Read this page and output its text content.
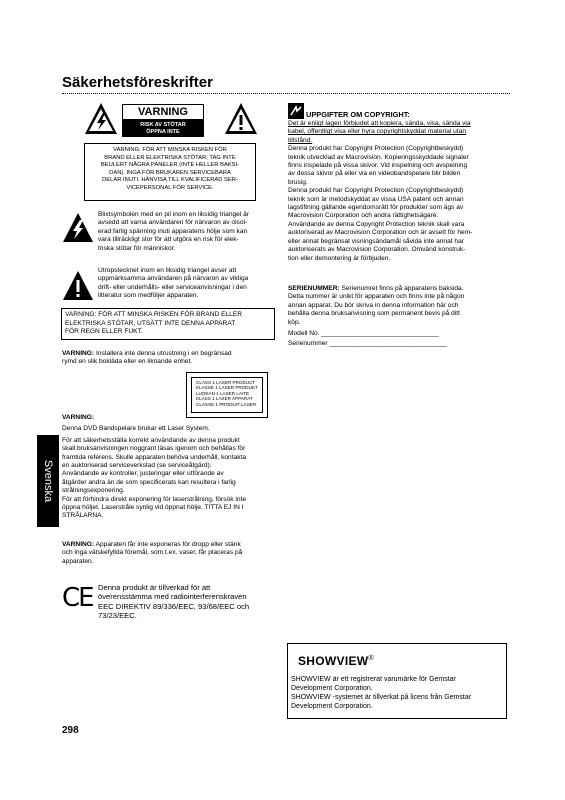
Säkerhetsföreskrifter
VARNING
RISK AV STÖTAR
ÖPPNA INTE
VARNING: FÖR ATT MINSKA RISKEN FÖR
BRAND ELLER ELEKTRISKA STÖTAR, TAG INTE
BEULERT NÅGRA PANELER (INTE HELLER BAKSI-
DAN). INGA FÖR BRUKAREN SERVICEBARA
DELAR INUTI. HÄNVISA TILL KVALIFICERAD SER-
VICEPERSONAL FÖR SERVICE.
Blixtsymbolen med en pil inom en liksidig triangel är
avsedd att varna användaren för närvaron av oisol-
erad farlig spänning inuti apparatens hölje som kan
vara tillräckligt stor för att utgöra en risk för elek-
triska stötar för människor.
Utropstecknet inom en liksidig triangel avser att
uppmärksamma användaren på närvaron av viktiga
drift- eller underhålls- eller serviceanvisningar i den
litteratur som medföljer apparaten.
VARNING: FÖR ATT MINSKA RISKEN FÖR BRAND ELLER
ELEKTRISKA STÖTAR, UTSÄTT INTE DENNA APPARAT
FÖR REGN ELLER FUKT.
VARNING: Installera inte denna utrustning i en begränsad
rymd en slik bokläda eller en liknande enhet.
CLASS 1 LASER PRODUCT
KLASSE 1 LASER PRODUKT
LUOKAN 1 LASER LAITE
KLASS 1 LASER APPARAT
CLASSE 1 PRODUIT LASER
VARNING:
Denna DVD Bandspelare brukar ett Laser System.
För att säkerhetsställa korrekt användande av denna produkt
skall bruksanvisningen noggrant läsas igenom och behållas för
framtida referens. Skulle apparaten behöva underhåll, kontakta
en auktoriserad serviceverkstad (se serviceåtgärd).
Användande av kontroller, justeringar eller utförande av
åtgärder andra än de som specificerats kan resultera i farlig
strålningsexponering.
För att förhindra direkt exponering för laserstrålning, försök inte
öppna höljet. Laserstråle synlig vid öppnat hölje. TITTA EJ IN I
STRÅLARNA.
VARNING: Apparaten får inte exponeras för dropp eller stänk
och inga vätskefyllda föremål, som t.ex. vaser, får placeras på
apparaten.
CE Denna produkt är tillverkad för att
överensstämma med radiointerferenskraven
EEC DIREKTIV 89/336/EEC, 93/68/EEC och
73/23/EEC.
Svenska
298
UPPGIFTER OM COPYRIGHT:
Det är enligt lagen förbjudet att kopiera, sända, visa, sända via
kabel, offentligt visa eller hyra copyrightskyddat material utan
tillstånd.
Denna produkt har Copyright Protection (Copyrightbeskydd)
teknik utvecklad av Macrovision. Kopieringsskyddade signaler
finns inspelade på vissa skivor. Vid inspelning och avspelning
av dessa skivor på eller via en videobandspelare blir bilden
brusig.
Denna produkt har Copyright Protection (Copyrightbeskydd)
teknik som är metodskyddat av vissa USA patent och annan
lagstiftning gällande egendomsrätt för produkter som ägs av
Macrovision Corporation och andra rättighetsägare.
Användande av denna Copyright Protection teknik skall vara
auktoriserad av Macrovision Corporation och är avsett för hem-
eller annat begränsat visningsändamål såvida inte annat har
auktoriserats av Macrovision Corporation. Omvänd konstruk-
tion eller demontering är förbjuden.
SERIENUMMER: Serienumret finns på apparatens baksida.
Detta nummer är unikt för apparaten och finns inte på någon
annan apparat. Du bör skriva in denna information här och
behålla denna bruksanvisning som permanent bevis på ditt
köp.
Modell No. ________________________________
Serienummer ________________________________
SHOWVIEW®
SHOWVIEW är ett registrerat varumärke för Gemstar
Development Corporation.
SHOWVIEW -systemet är tillverkat på licens från Gemstar
Development Corporation.
